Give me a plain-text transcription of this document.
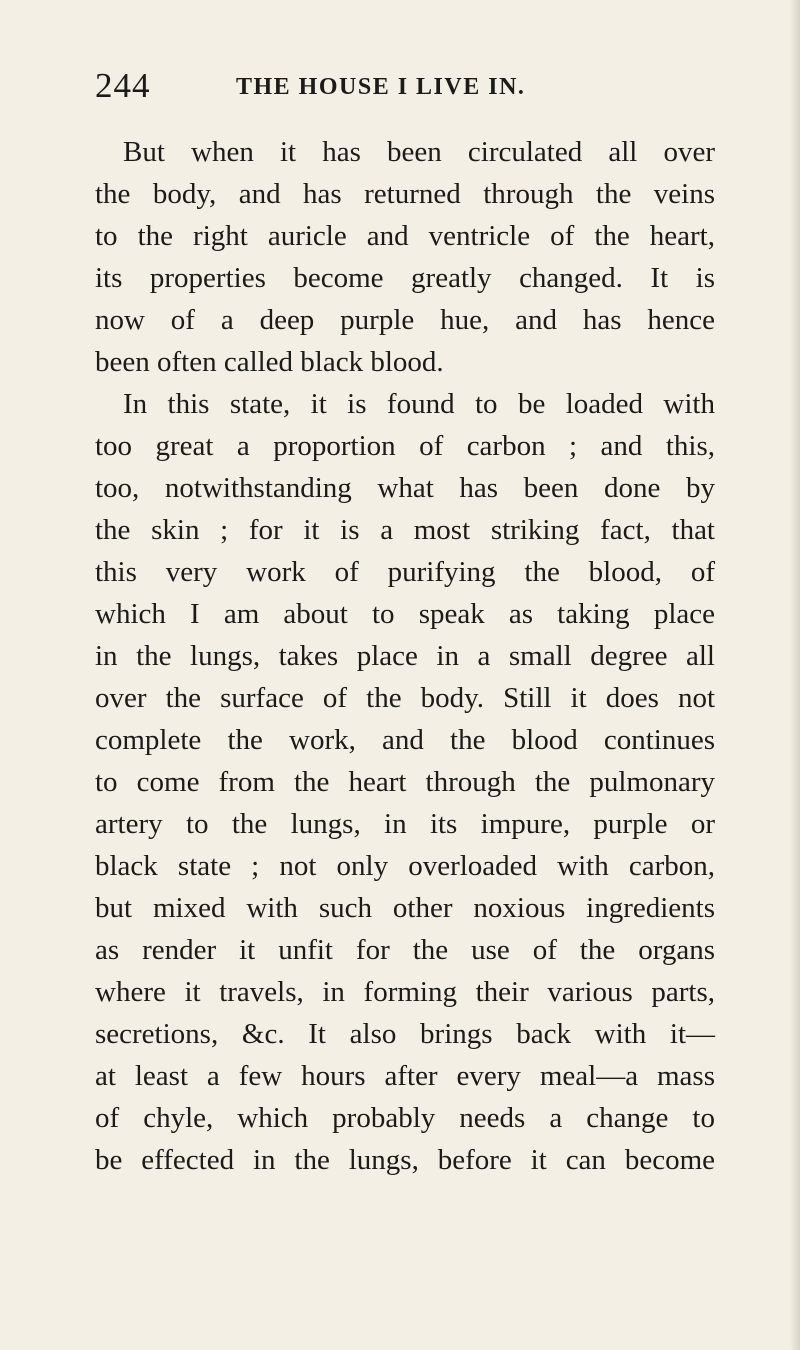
244	THE HOUSE I LIVE IN.
But when it has been circulated all over
the body, and has returned through the veins
to the right auricle and ventricle of the heart,
its properties become greatly changed. It is
now of a deep purple hue, and has hence
been often called black blood.
In this state, it is found to be loaded with
too great a proportion of carbon ; and this,
too, notwithstanding what has been done by
the skin ; for it is a most striking fact, that
this very work of purifying the blood, of
which I am about to speak as taking place
in the lungs, takes place in a small degree all
over the surface of the body. Still it does not
complete the work, and the blood continues
to come from the heart through the pulmonary
artery to the lungs, in its impure, purple or
black state ; not only overloaded with carbon,
but mixed with such other noxious ingredients
as render it unfit for the use of the organs
where it travels, in forming their various parts,
secretions, &c. It also brings back with it—
at least a few hours after every meal—a mass
of chyle, which probably needs a change to
be effected in the lungs, before it can become
